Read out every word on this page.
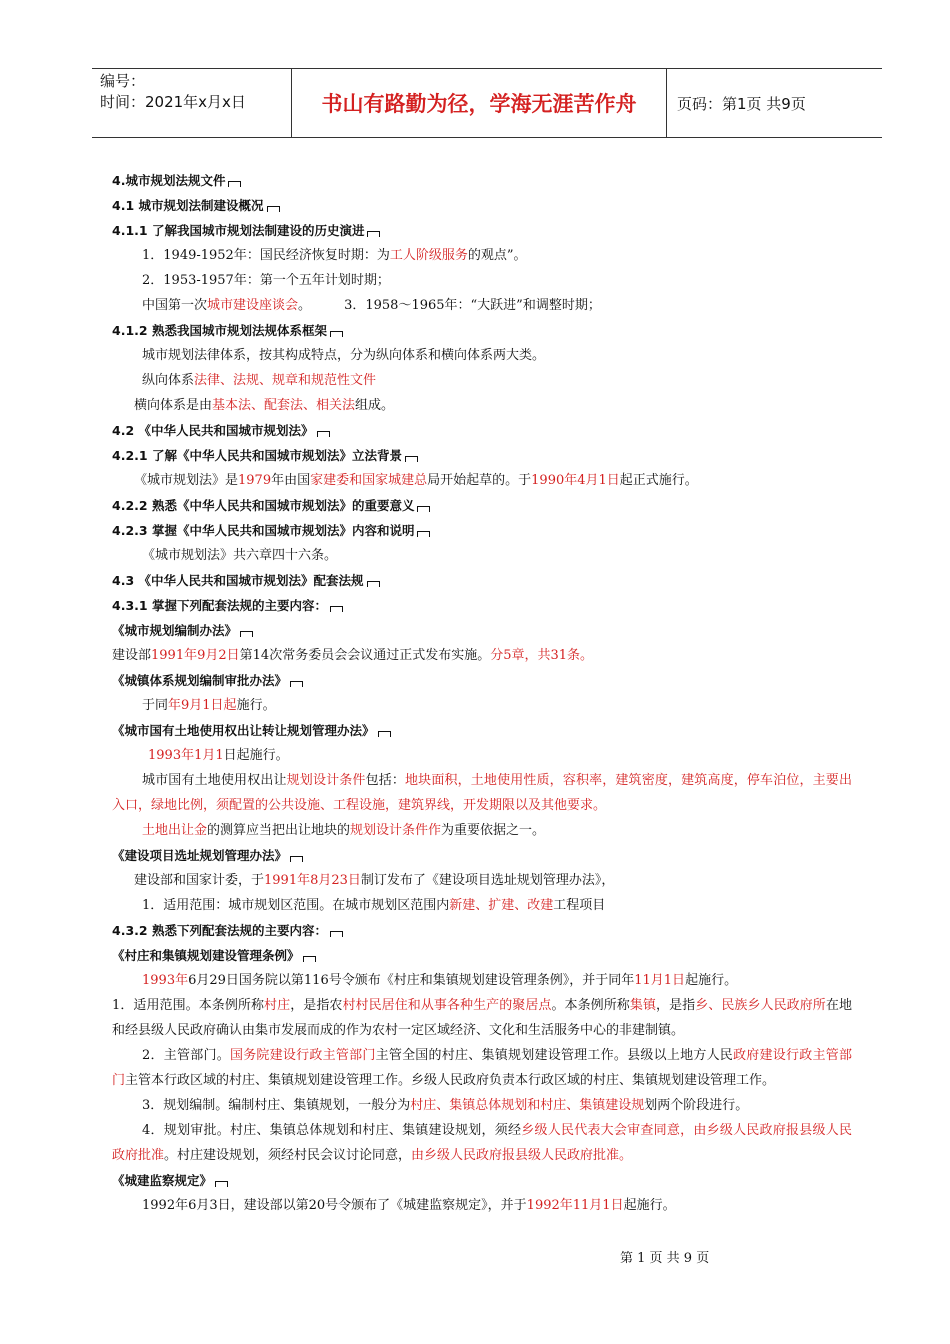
编号：
时间：2021年x月x日	书山有路勤为径，学海无涯苦作舟	页码：第1页 共9页
4.城市规划法规文件
4.1 城市规划法制建设概况
4.1.1 了解我国城市规划法制建设的历史演进
1．1949-1952年：国民经济恢复时期：为工人阶级服务的观点”。
2．1953-1957年：第一个五年计划时期；
中国第一次城市建设座谈会。        3．1958～1965年：“大跃进”和调整时期；
4.1.2 熟悉我国城市规划法规体系框架
城市规划法律体系，按其构成特点，分为纵向体系和横向体系两大类。
纵向体系法律、法规、规章和规范性文件
横向体系是由基本法、配套法、相关法组成。
4.2 《中华人民共和国城市规划法》
4.2.1 了解《中华人民共和国城市规划法》立法背景
《城市规划法》是1979年由国家建委和国家城建总局开始起草的。于1990年4月1日起正式施行。
4.2.2 熟悉《中华人民共和国城市规划法》的重要意义
4.2.3 掌握《中华人民共和国城市规划法》内容和说明
《城市规划法》共六章四十六条。
4.3 《中华人民共和国城市规划法》配套法规
4.3.1 掌握下列配套法规的主要内容：
《城市规划编制办法》
建设部1991年9月2日第14次常务委员会会议通过正式发布实施。分5章，共31条。
《城镇体系规划编制审批办法》
于同年9月1日起施行。
《城市国有土地使用权出让转让规划管理办法》
1993年1月1日起施行。
城市国有土地使用权出让规划设计条件包括：地块面积，土地使用性质，容积率，建筑密度，建筑高度，停车泊位，主要出入口，绿地比例，须配置的公共设施、工程设施，建筑界线，开发期限以及其他要求。
土地出让金的测算应当把出让地块的规划设计条件作为重要依据之一。
《建设项目选址规划管理办法》
建设部和国家计委，于1991年8月23日制订发布了《建设项目选址规划管理办法》，
1．适用范围：城市规划区范围。在城市规划区范围内新建、扩建、改建工程项目
4.3.2 熟悉下列配套法规的主要内容：
《村庄和集镇规划建设管理条例》
1993年6月29日国务院以第116号令颁布《村庄和集镇规划建设管理条例》，并于同年11月1日起施行。
1．适用范围。本条例所称村庄，是指农村村民居住和从事各种生产的聚居点。本条例所称集镇，是指乡、民族乡人民政府所在地和经县级人民政府确认由集市发展而成的作为农村一定区域经济、文化和生活服务中心的非建制镇。
2．主管部门。国务院建设行政主管部门主管全国的村庄、集镇规划建设管理工作。县级以上地方人民政府建设行政主管部门主管本行政区域的村庄、集镇规划建设管理工作。乡级人民政府负责本行政区域的村庄、集镇规划建设管理工作。
3．规划编制。编制村庄、集镇规划，一般分为村庄、集镇总体规划和村庄、集镇建设规划两个阶段进行。
4．规划审批。村庄、集镇总体规划和村庄、集镇建设规划，须经乡级人民代表大会审查同意，由乡级人民政府报县级人民政府批准。村庄建设规划，须经村民会议讨论同意，由乡级人民政府报县级人民政府批准。
《城建监察规定》
1992年6月3日，建设部以第20号令颁布了《城建监察规定》，并于1992年11月1日起施行。
第 1 页 共 9 页
